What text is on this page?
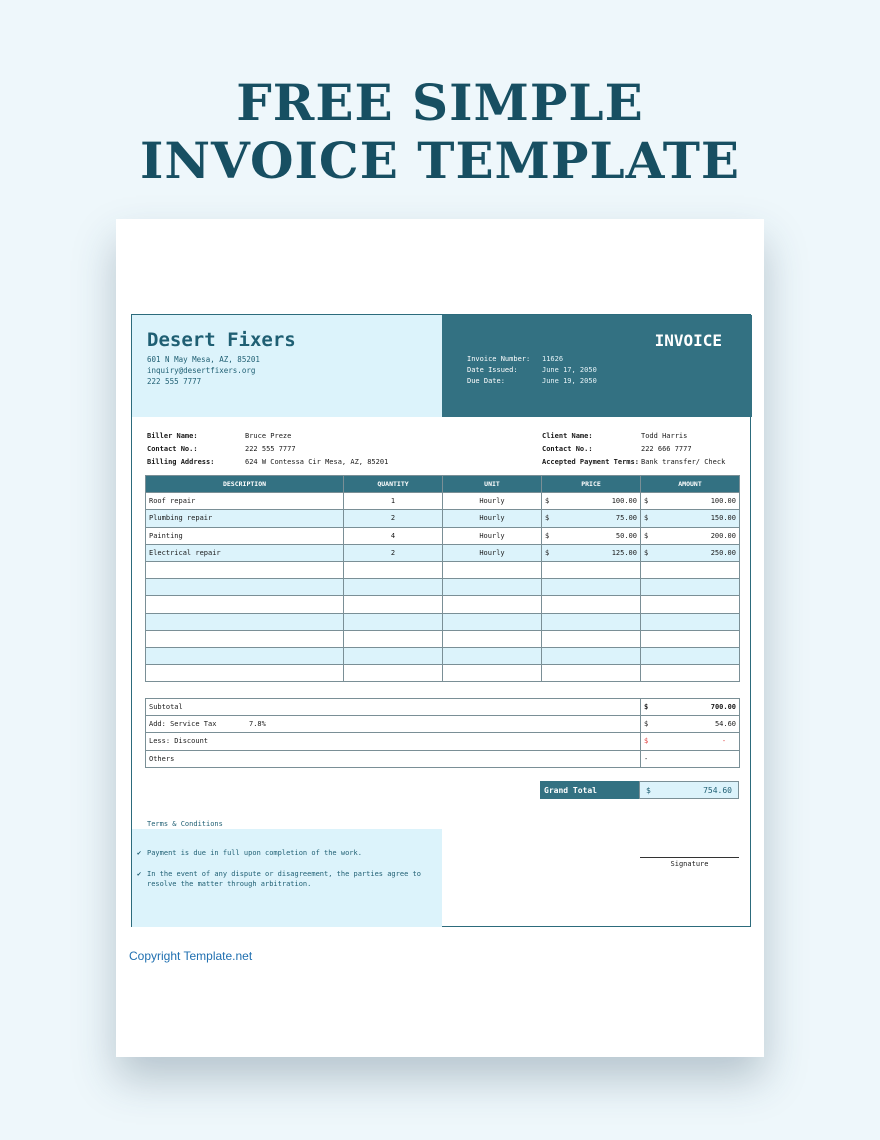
FREE SIMPLE
INVOICE TEMPLATE
Desert Fixers
601 N May Mesa, AZ, 85201
inquiry@desertfixers.org
222 555 7777
INVOICE
Invoice Number: 11626
Date Issued:	June 17, 2050
Due Date:	June 19, 2050
Biller Name:	Bruce Preze
Contact No.:	222 555 7777
Billing Address:	624 W Contessa Cir Mesa, AZ, 85201
Client Name:	Todd Harris
Contact No.:	222 666 7777
Accepted Payment Terms: Bank transfer/ Check
DESCRIPTION	QUANTITY	UNIT	PRICE	AMOUNT
Roof repair	1	Hourly	$ 100.00	$ 100.00

Plumbing repair	2	Hourly	$ 75.00	$ 150.00

Painting	4	Hourly	$ 50.00	$ 200.00

Electrical repair	2	Hourly	$ 125.00	$ 250.00

Subtotal	$ 700.00

Add: Service Tax 7.8%	$ 54.60

Less: Discount	$ -

Others	-
Grand Total	$	754.60
Terms & Conditions
✔ Payment is due in full upon completion of the work.
✔ In the event of any dispute or disagreement, the parties agree to resolve the matter through arbitration.
Signature
Copyright Template.net
